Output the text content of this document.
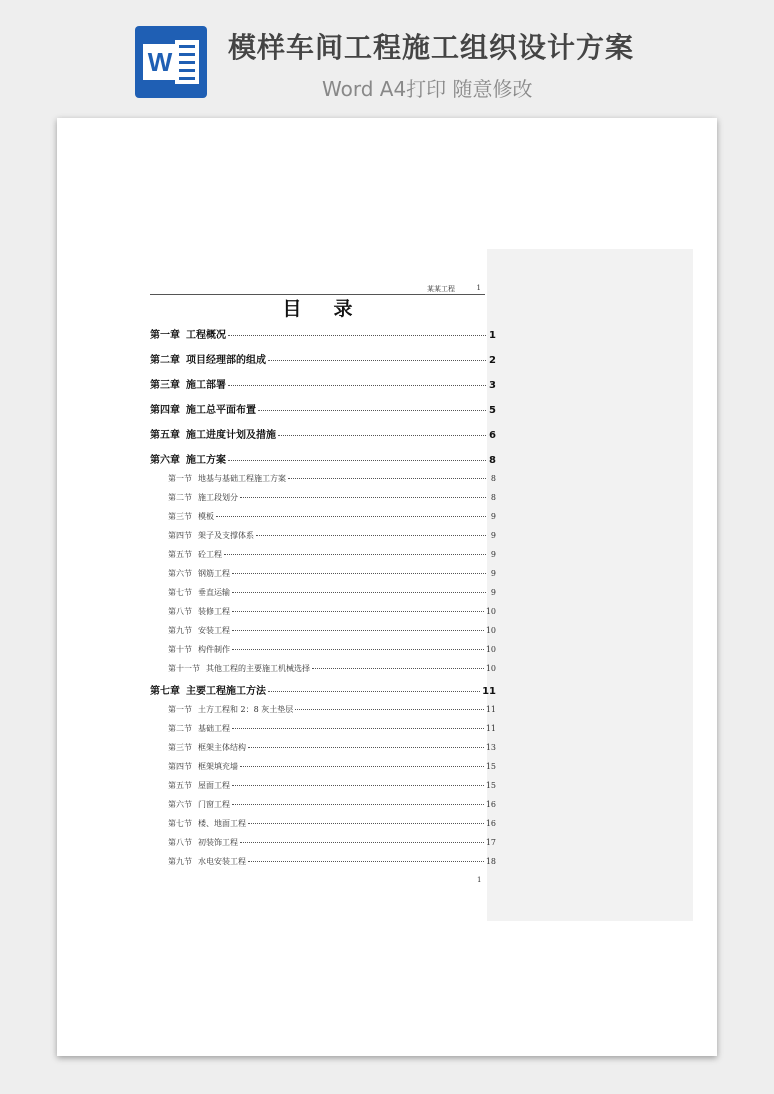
W 模样车间工程施工组织设计方案
Word A4打印 随意修改
某某工程	1
目 录
第一章 工程概况	1
第二章 项目经理部的组成	2
第三章 施工部署	3
第四章 施工总平面布置	5
第五章 施工进度计划及措施	6
第六章 施工方案	8
第一节 地基与基础工程施工方案	8
第二节 施工段划分	8
第三节 模板	9
第四节 架子及支撑体系	9
第五节 砼工程	9
第六节 钢筋工程	9
第七节 垂直运输	9
第八节 装修工程	10
第九节 安装工程	10
第十节 构件制作	10
第十一节 其他工程的主要施工机械选择	10
第七章 主要工程施工方法	11
第一节 土方工程和 2：8 灰土垫层	11
第二节 基础工程	11
第三节 框架主体结构	13
第四节 框架填充墙	15
第五节 屋面工程	15
第六节 门窗工程	16
第七节 楼、地面工程	16
第八节 初装饰工程	17
第九节 水电安装工程	18
1
